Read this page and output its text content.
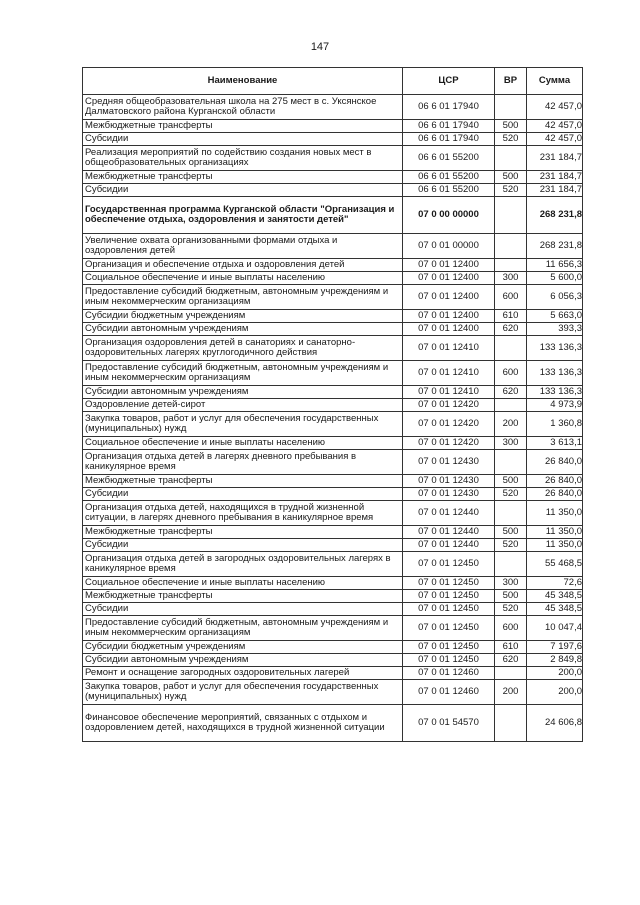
147
Наименование	ЦСР	ВР	Сумма
Средняя общеобразовательная школа на 275 мест в с. Уксянское Далматовского района Курганской области	06 6 01 17940		42 457,0
Межбюджетные трансферты	06 6 01 17940	500	42 457,0
Субсидии	06 6 01 17940	520	42 457,0
Реализация мероприятий по содействию создания новых мест в общеобразовательных организациях	06 6 01 55200		231 184,7
Межбюджетные трансферты	06 6 01 55200	500	231 184,7
Субсидии	06 6 01 55200	520	231 184,7
Государственная программа Курганской области "Организация и обеспечение отдыха, оздоровления и занятости детей"	07 0 00 00000		268 231,8
Увеличение охвата организованными формами отдыха и оздоровления детей	07 0 01 00000		268 231,8
Организация и обеспечение отдыха и оздоровления детей	07 0 01 12400		11 656,3
Социальное обеспечение и иные выплаты населению	07 0 01 12400	300	5 600,0
Предоставление субсидий бюджетным, автономным учреждениям и иным некоммерческим организациям	07 0 01 12400	600	6 056,3
Субсидии бюджетным учреждениям	07 0 01 12400	610	5 663,0
Субсидии автономным учреждениям	07 0 01 12400	620	393,3
Организация оздоровления детей в санаториях и санаторно-оздоровительных лагерях круглогодичного действия	07 0 01 12410		133 136,3
Предоставление субсидий бюджетным, автономным учреждениям и иным некоммерческим организациям	07 0 01 12410	600	133 136,3
Субсидии автономным учреждениям	07 0 01 12410	620	133 136,3
Оздоровление детей-сирот	07 0 01 12420		4 973,9
Закупка товаров, работ и услуг для обеспечения государственных (муниципальных) нужд	07 0 01 12420	200	1 360,8
Социальное обеспечение и иные выплаты населению	07 0 01 12420	300	3 613,1
Организация отдыха детей в лагерях дневного пребывания в каникулярное время	07 0 01 12430		26 840,0
Межбюджетные трансферты	07 0 01 12430	500	26 840,0
Субсидии	07 0 01 12430	520	26 840,0
Организация отдыха детей, находящихся в трудной жизненной ситуации, в лагерях дневного пребывания в каникулярное время	07 0 01 12440		11 350,0
Межбюджетные трансферты	07 0 01 12440	500	11 350,0
Субсидии	07 0 01 12440	520	11 350,0
Организация отдыха детей в загородных оздоровительных лагерях в каникулярное время	07 0 01 12450		55 468,5
Социальное обеспечение и иные выплаты населению	07 0 01 12450	300	72,6
Межбюджетные трансферты	07 0 01 12450	500	45 348,5
Субсидии	07 0 01 12450	520	45 348,5
Предоставление субсидий бюджетным, автономным учреждениям и иным некоммерческим организациям	07 0 01 12450	600	10 047,4
Субсидии бюджетным учреждениям	07 0 01 12450	610	7 197,6
Субсидии автономным учреждениям	07 0 01 12450	620	2 849,8
Ремонт и оснащение загородных оздоровительных лагерей	07 0 01 12460		200,0
Закупка товаров, работ и услуг для обеспечения государственных (муниципальных) нужд	07 0 01 12460	200	200,0
Финансовое обеспечение мероприятий, связанных с отдыхом и оздоровлением детей, находящихся в трудной жизненной ситуации	07 0 01 54570		24 606,8
